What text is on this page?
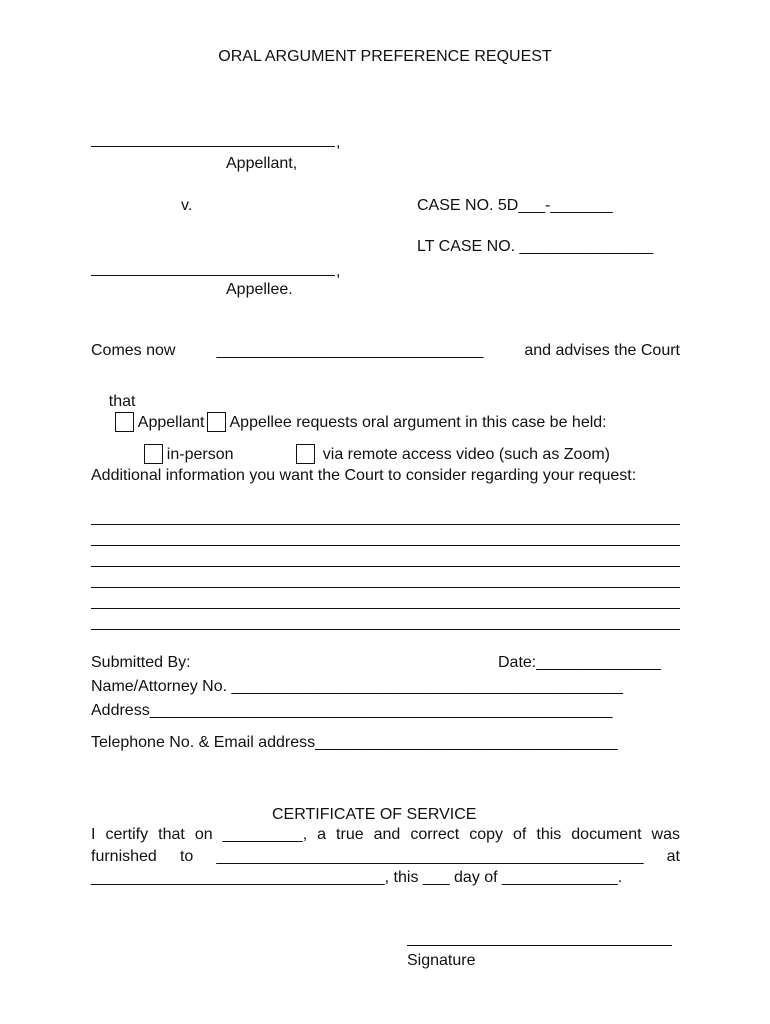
ORAL ARGUMENT PREFERENCE REQUEST
,
Appellant,
v.	CASE NO. 5D___-_______
LT CASE NO. _______________
,
Appellee.
Comes now	______________________________	and advises the Court

that
Appellant Appellee requests oral argument in this case be held:

in-person
	via remote access video (such as Zoom)

Additional information you want the Court to consider regarding your request:
Submitted By:	Date:______________
Name/Attorney No. ____________________________________________
Address____________________________________________________
Telephone No. & Email address__________________________________
CERTIFICATE OF SERVICE
I certify that on _________, a true and correct copy of this document was
furnished to ________________________________________________ at
_________________________________, this ___ day of _____________.
Signature
